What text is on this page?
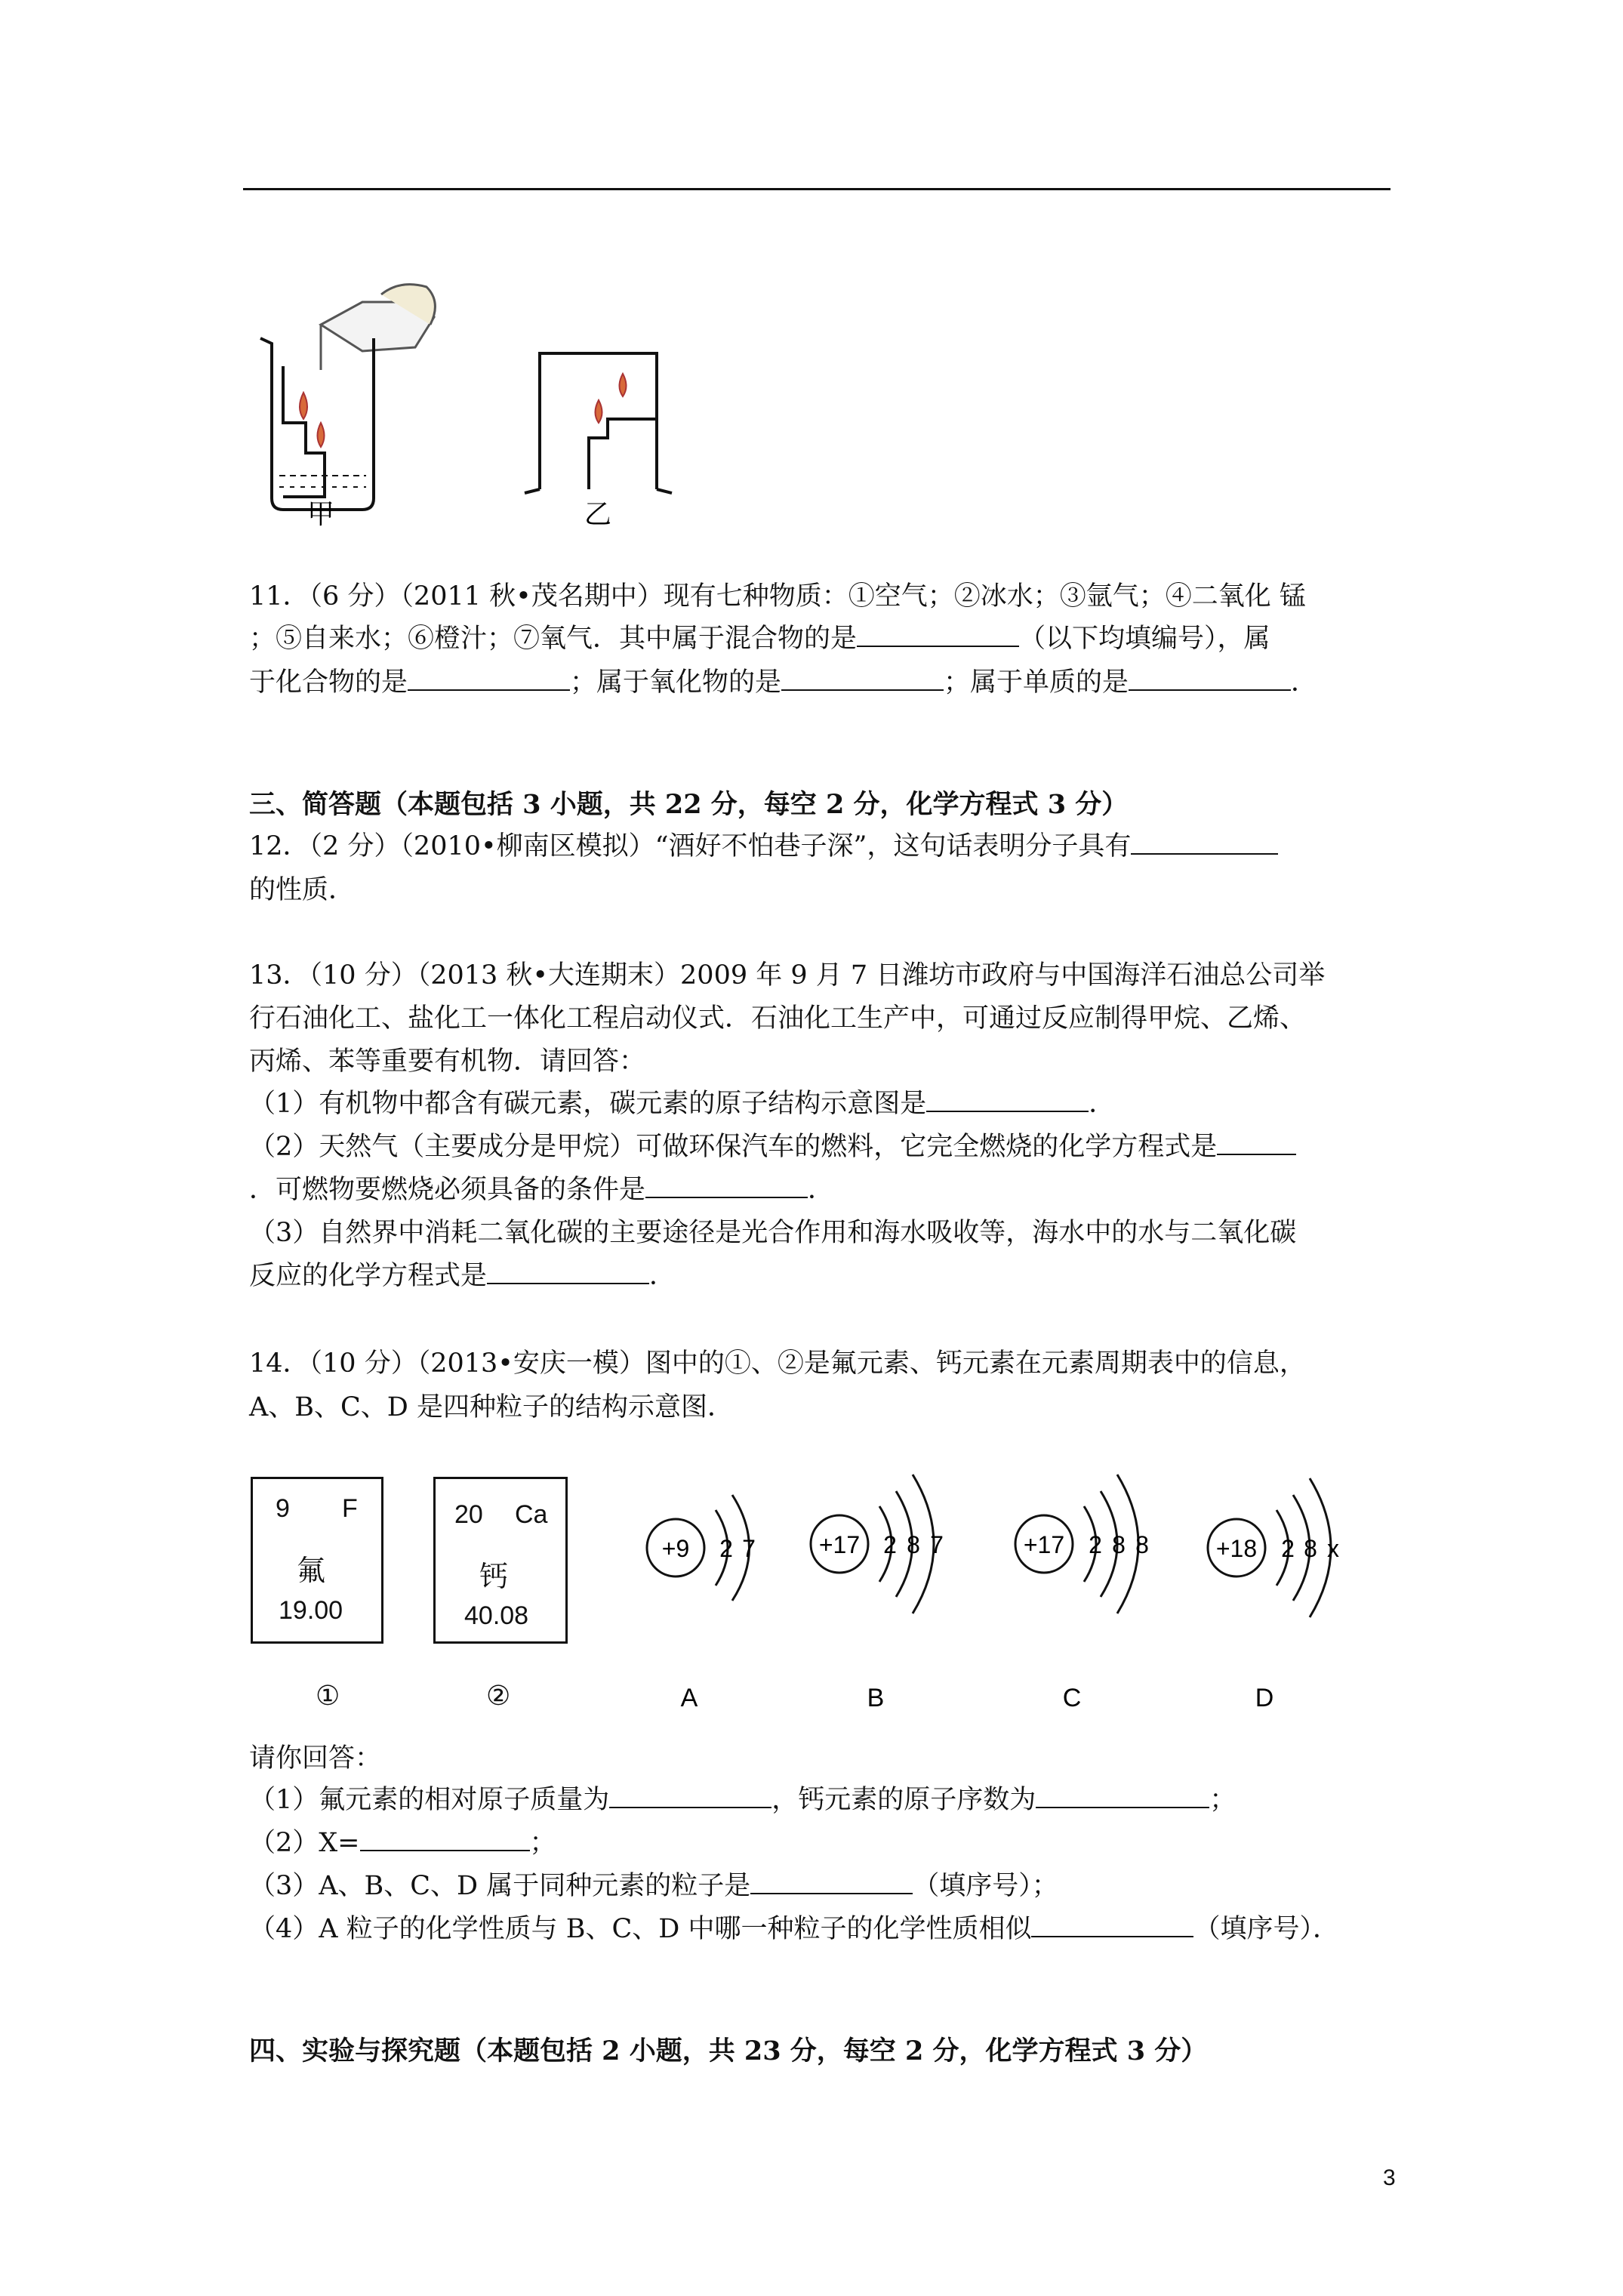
甲	乙
11．（6 分）（2011 秋•茂名期中）现有七种物质：①空气；②冰水；③氩气；④二氧化 锰
；⑤自来水；⑥橙汁；⑦氧气．其中属于混合物的是	（以下均填编号），属
于化合物的是	；属于氧化物的是	；属于单质的是	．
三、简答题（本题包括 3 小题，共 22 分，每空 2 分，化学方程式 3 分）
12．（2 分）（2010•柳南区模拟）“酒好不怕巷子深”，这句话表明分子具有
的性质．
13．（10 分）（2013 秋•大连期末）2009 年 9 月 7 日潍坊市政府与中国海洋石油总公司举
行石油化工、盐化工一体化工程启动仪式．石油化工生产中，可通过反应制得甲烷、乙烯、
丙烯、苯等重要有机物．请回答：
（1）有机物中都含有碳元素，碳元素的原子结构示意图是	．
（2）天然气（主要成分是甲烷）可做环保汽车的燃料，它完全燃烧的化学方程式是
．可燃物要燃烧必须具备的条件是	．
（3）自然界中消耗二氧化碳的主要途径是光合作用和海水吸收等，海水中的水与二氧化碳
反应的化学方程式是	．
14．（10 分）（2013•安庆一模）图中的①、②是氟元素、钙元素在元素周期表中的信息，
A、B、C、D 是四种粒子的结构示意图．
9 F
氟
19.00
20 Ca
钙
40.08
①	②
+9 2 7	+17 2 8 7	+17 2 8 8	+18 2 8 x
A	B	C	D
请你回答：
（1）氟元素的相对原子质量为	，钙元素的原子序数为	；
（2）X=	；
（3）A、B、C、D 属于同种元素的粒子是	（填序号）；
（4）A 粒子的化学性质与 B、C、D 中哪一种粒子的化学性质相似	（填序号）．
四、实验与探究题（本题包括 2 小题，共 23 分，每空 2 分，化学方程式 3 分）
3
